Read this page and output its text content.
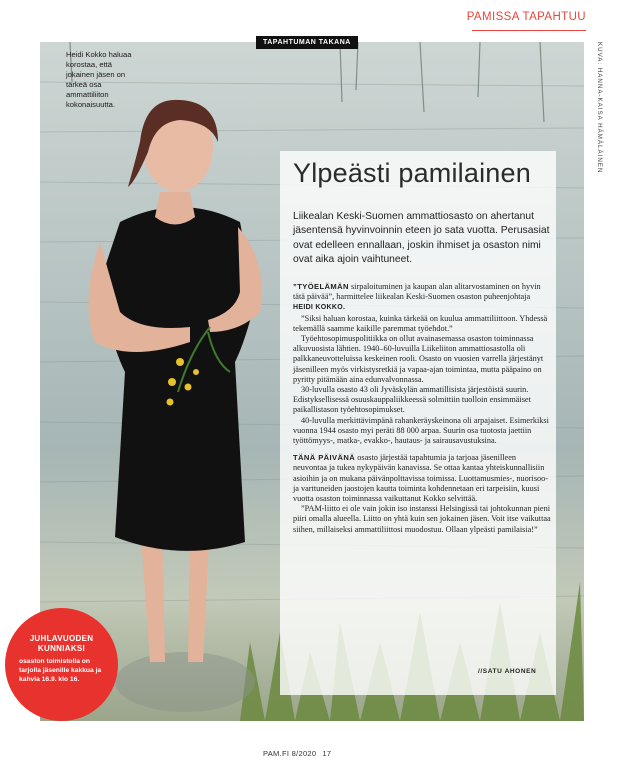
PAMISSA TAPAHTUU
TAPAHTUMAN TAKANA
Heidi Kokko haluaa korostaa, että jokainen jäsen on tärkeä osa ammattiliiton kokonaisuutta.	KUVA: HANNA-KAISA HÄMÄLÄINEN
Ylpeästi pamilainen
Liikealan Keski-Suomen ammattiosasto on ahertanut jäsentensä hyvinvoinnin eteen jo sata vuotta. Perusasiat ovat edelleen ennallaan, joskin ihmiset ja osaston nimi ovat aika ajoin vaihtuneet.

”TYÖELÄMÄN sirpaloituminen ja kaupan alan alitarvostaminen on hyvin tätä päivää”, harmittelee liikealan Keski-Suomen osaston puheenjohtaja HEIDI KOKKO.

”Siksi haluan korostaa, kuinka tärkeää on kuulua ammattiliittoon. Yhdessä tekemällä saamme kaikille paremmat työehdot.”

Työehtosopimuspolitiikka on ollut avainasemassa osaston toiminnassa alkuvuosista lähtien. 1940–60-luvuilla Liikeliiton ammattiosastolla oli palkkaneuvotteluissa keskeinen rooli. Osasto on vuosien varrella järjestänyt jäsenilleen myös virkistysretkiä ja vapaa-ajan toimintaa, mutta pääpaino on pyritty pitämään aina edunvalvonnassa.

30-luvulla osasto 43 oli Jyväskylän ammatillisista järjestöistä suurin. Edistyksellisessä osuuskauppaliikkeessä solmittiin tuolloin ensimmäiset paikallistason työehtosopimukset.

40-luvulla merkittävimpänä rahankeräyskeinona oli arpajaiset. Esimerkiksi vuonna 1944 osasto myi peräti 88 000 arpaa. Suurin osa tuotosta jaettiin työttömyys-, matka-, evakko-, hautaus- ja sairausavustuksina.

TÄNÄ PÄIVÄNÄ osasto järjestää tapahtumia ja tarjoaa jäsenilleen neuvontaa ja tukea nykypäivän kanavissa. Se ottaa kantaa yhteiskunnallisiin asioihin ja on mukana päivänpolttavissa toimissa. Luottamusmies-, nuorisoo- ja varttuneiden jaostojen kautta toiminta kohdennetaan eri tarpeisiin, kuusi vuotta osaston toiminnassa vaikuttanut Kokko selvittää.

”PAM-liitto ei ole vain jokin iso instanssi Helsingissä tai johtokunnan pieni piiri omalla alueella. Liitto on yhtä kuin sen jokainen jäsen. Voit itse vaikuttaa siihen, millaiseksi ammattiliittosi muodostuu. Ollaan ylpeästi pamilaisia!”

//SATU AHONEN
JUHLAVUODEN
KUNNIAKSI
osaston toimistolla on tarjolla jäsenille kakkua ja kahvia 16.9. klo 16.
PAM.FI 8/2020 17
